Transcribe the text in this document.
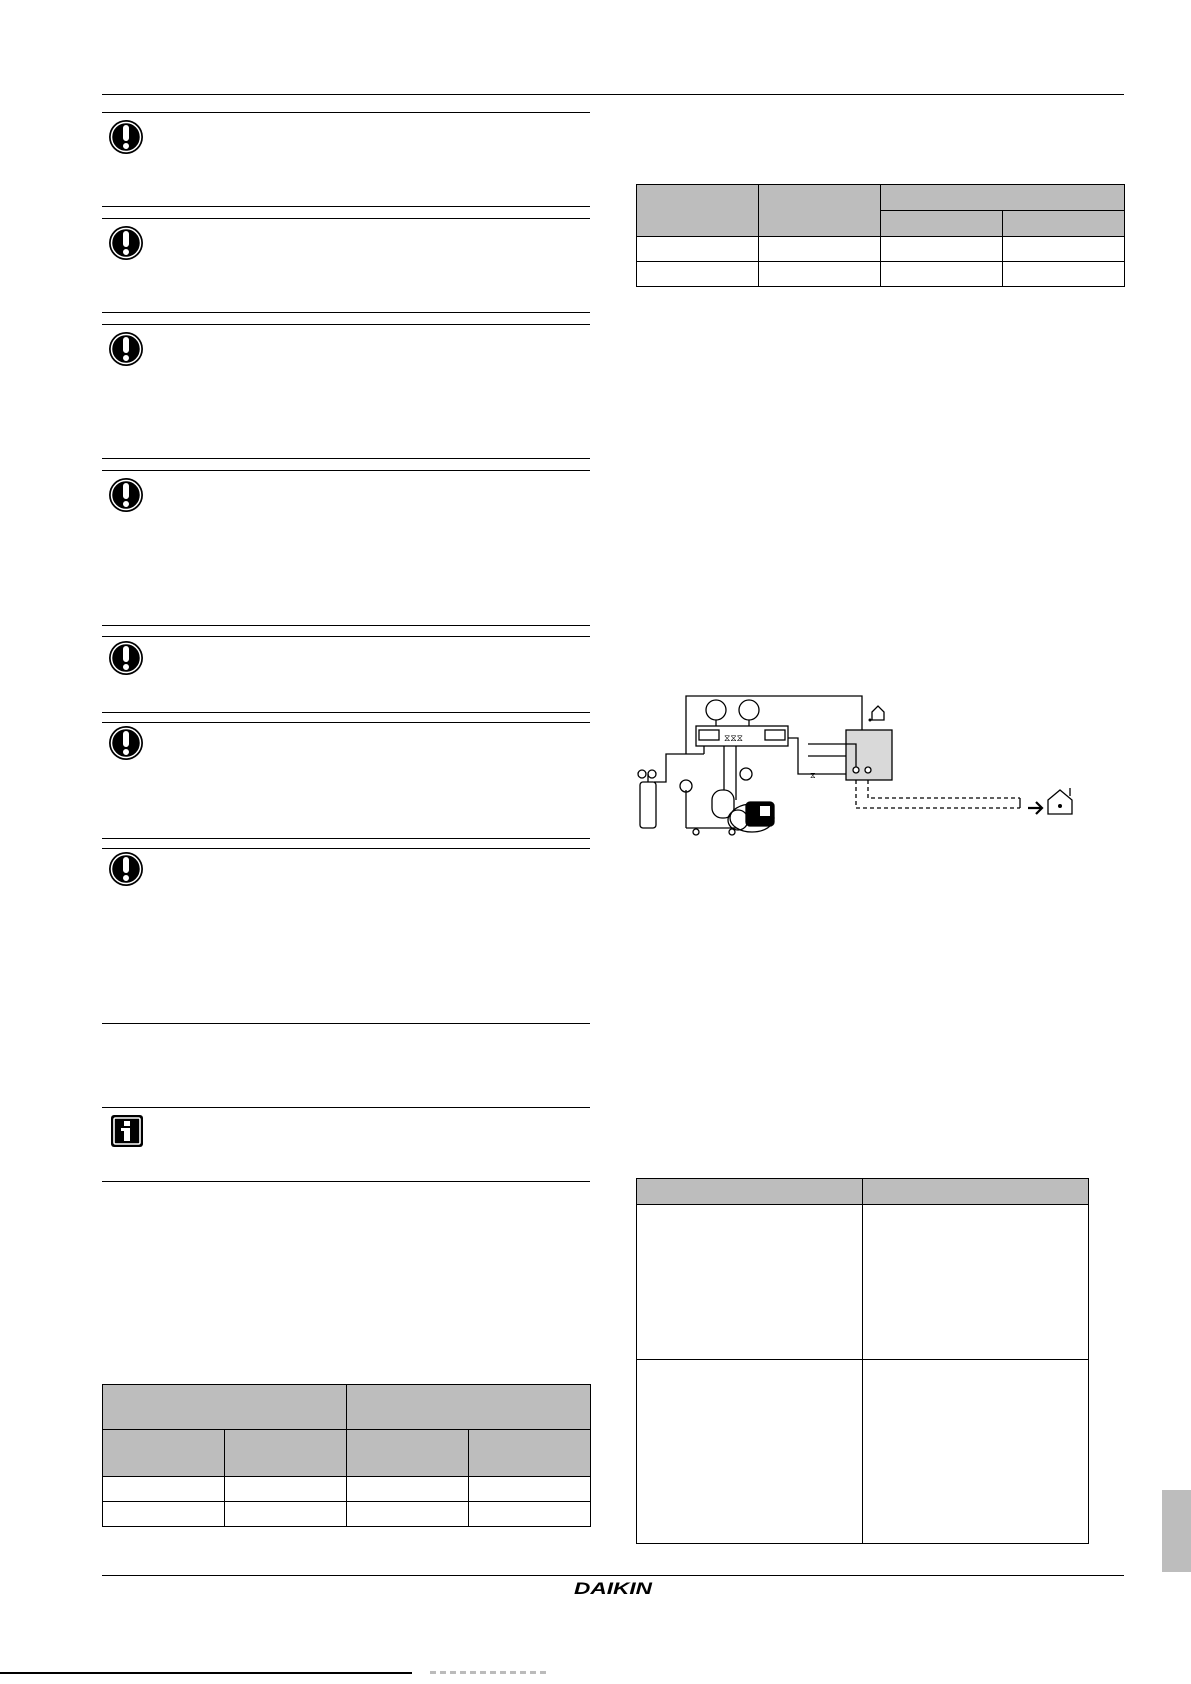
⧖⧖⧖
⧖

DAIKIN
